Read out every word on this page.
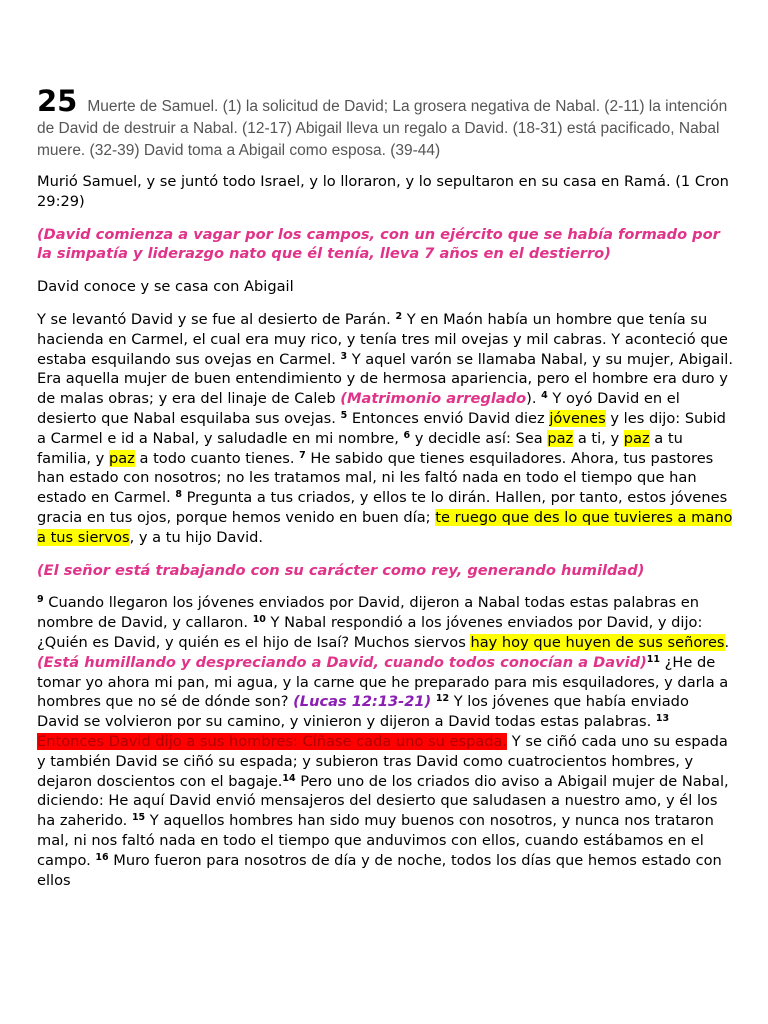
25 Muerte de Samuel. (1) la solicitud de David; La grosera negativa de Nabal. (2-11) la intención de David de destruir a Nabal. (12-17) Abigail lleva un regalo a David. (18-31) está pacificado, Nabal muere. (32-39) David toma a Abigail como esposa. (39-44)

Murió Samuel, y se juntó todo Israel, y lo lloraron, y lo sepultaron en su casa en Ramá. (1 Cron 29:29)

(David comienza a vagar por los campos, con un ejército que se había formado por la simpatía y liderazgo nato que él tenía, lleva 7 años en el destierro)

David conoce y se casa con Abigail

Y se levantó David y se fue al desierto de Parán. $^2$ Y en Maón había un hombre que tenía su hacienda en Carmel, el cual era muy rico, y tenía tres mil ovejas y mil cabras. Y aconteció que estaba esquilando sus ovejas en Carmel. $^3$ Y aquel varón se llamaba Nabal, y su mujer, Abigail. Era aquella mujer de buen entendimiento y de hermosa apariencia, pero el hombre era duro y de malas obras; y era del linaje de Caleb (Matrimonio arreglado). $^4$ Y oyó David en el desierto que Nabal esquilaba sus ovejas. $^5$ Entonces envió David diez jóvenes y les dijo: Subid a Carmel e id a Nabal, y saludadle en mi nombre, $^6$ y decidle así: Sea paz a ti, y paz a tu familia, y paz a todo cuanto tienes. $^7$ He sabido que tienes esquiladores. Ahora, tus pastores han estado con nosotros; no les tratamos mal, ni les faltó nada en todo el tiempo que han estado en Carmel. $^8$ Pregunta a tus criados, y ellos te lo dirán. Hallen, por tanto, estos jóvenes gracia en tus ojos, porque hemos venido en buen día; te ruego que des lo que tuvieres a mano a tus siervos, y a tu hijo David.

(El señor está trabajando con su carácter como rey, generando humildad)

$^9$ Cuando llegaron los jóvenes enviados por David, dijeron a Nabal todas estas palabras en nombre de David, y callaron. $^{10}$ Y Nabal respondió a los jóvenes enviados por David, y dijo: ¿Quién es David, y quién es el hijo de Isaí? Muchos siervos hay hoy que huyen de sus señores. (Está humillando y despreciando a David, cuando todos conocían a David)$^{11}$ ¿He de tomar yo ahora mi pan, mi agua, y la carne que he preparado para mis esquiladores, y darla a hombres que no sé de dónde son? (Lucas 12:13-21) $^{12}$ Y los jóvenes que había enviado David se volvieron por su camino, y vinieron y dijeron a David todas estas palabras. $^{13}$ Entonces David dijo a sus hombres: Cíñase cada uno su espada. Y se ciñó cada uno su espada y también David se ciñó su espada; y subieron tras David como cuatrocientos hombres, y dejaron doscientos con el bagaje.$^{14}$ Pero uno de los criados dio aviso a Abigail mujer de Nabal, diciendo: He aquí David envió mensajeros del desierto que saludasen a nuestro amo, y él los ha zaherido. $^{15}$ Y aquellos hombres han sido muy buenos con nosotros, y nunca nos trataron mal, ni nos faltó nada en todo el tiempo que anduvimos con ellos, cuando estábamos en el campo. $^{16}$ Muro fueron para nosotros de día y de noche, todos los días que hemos estado con ellos
